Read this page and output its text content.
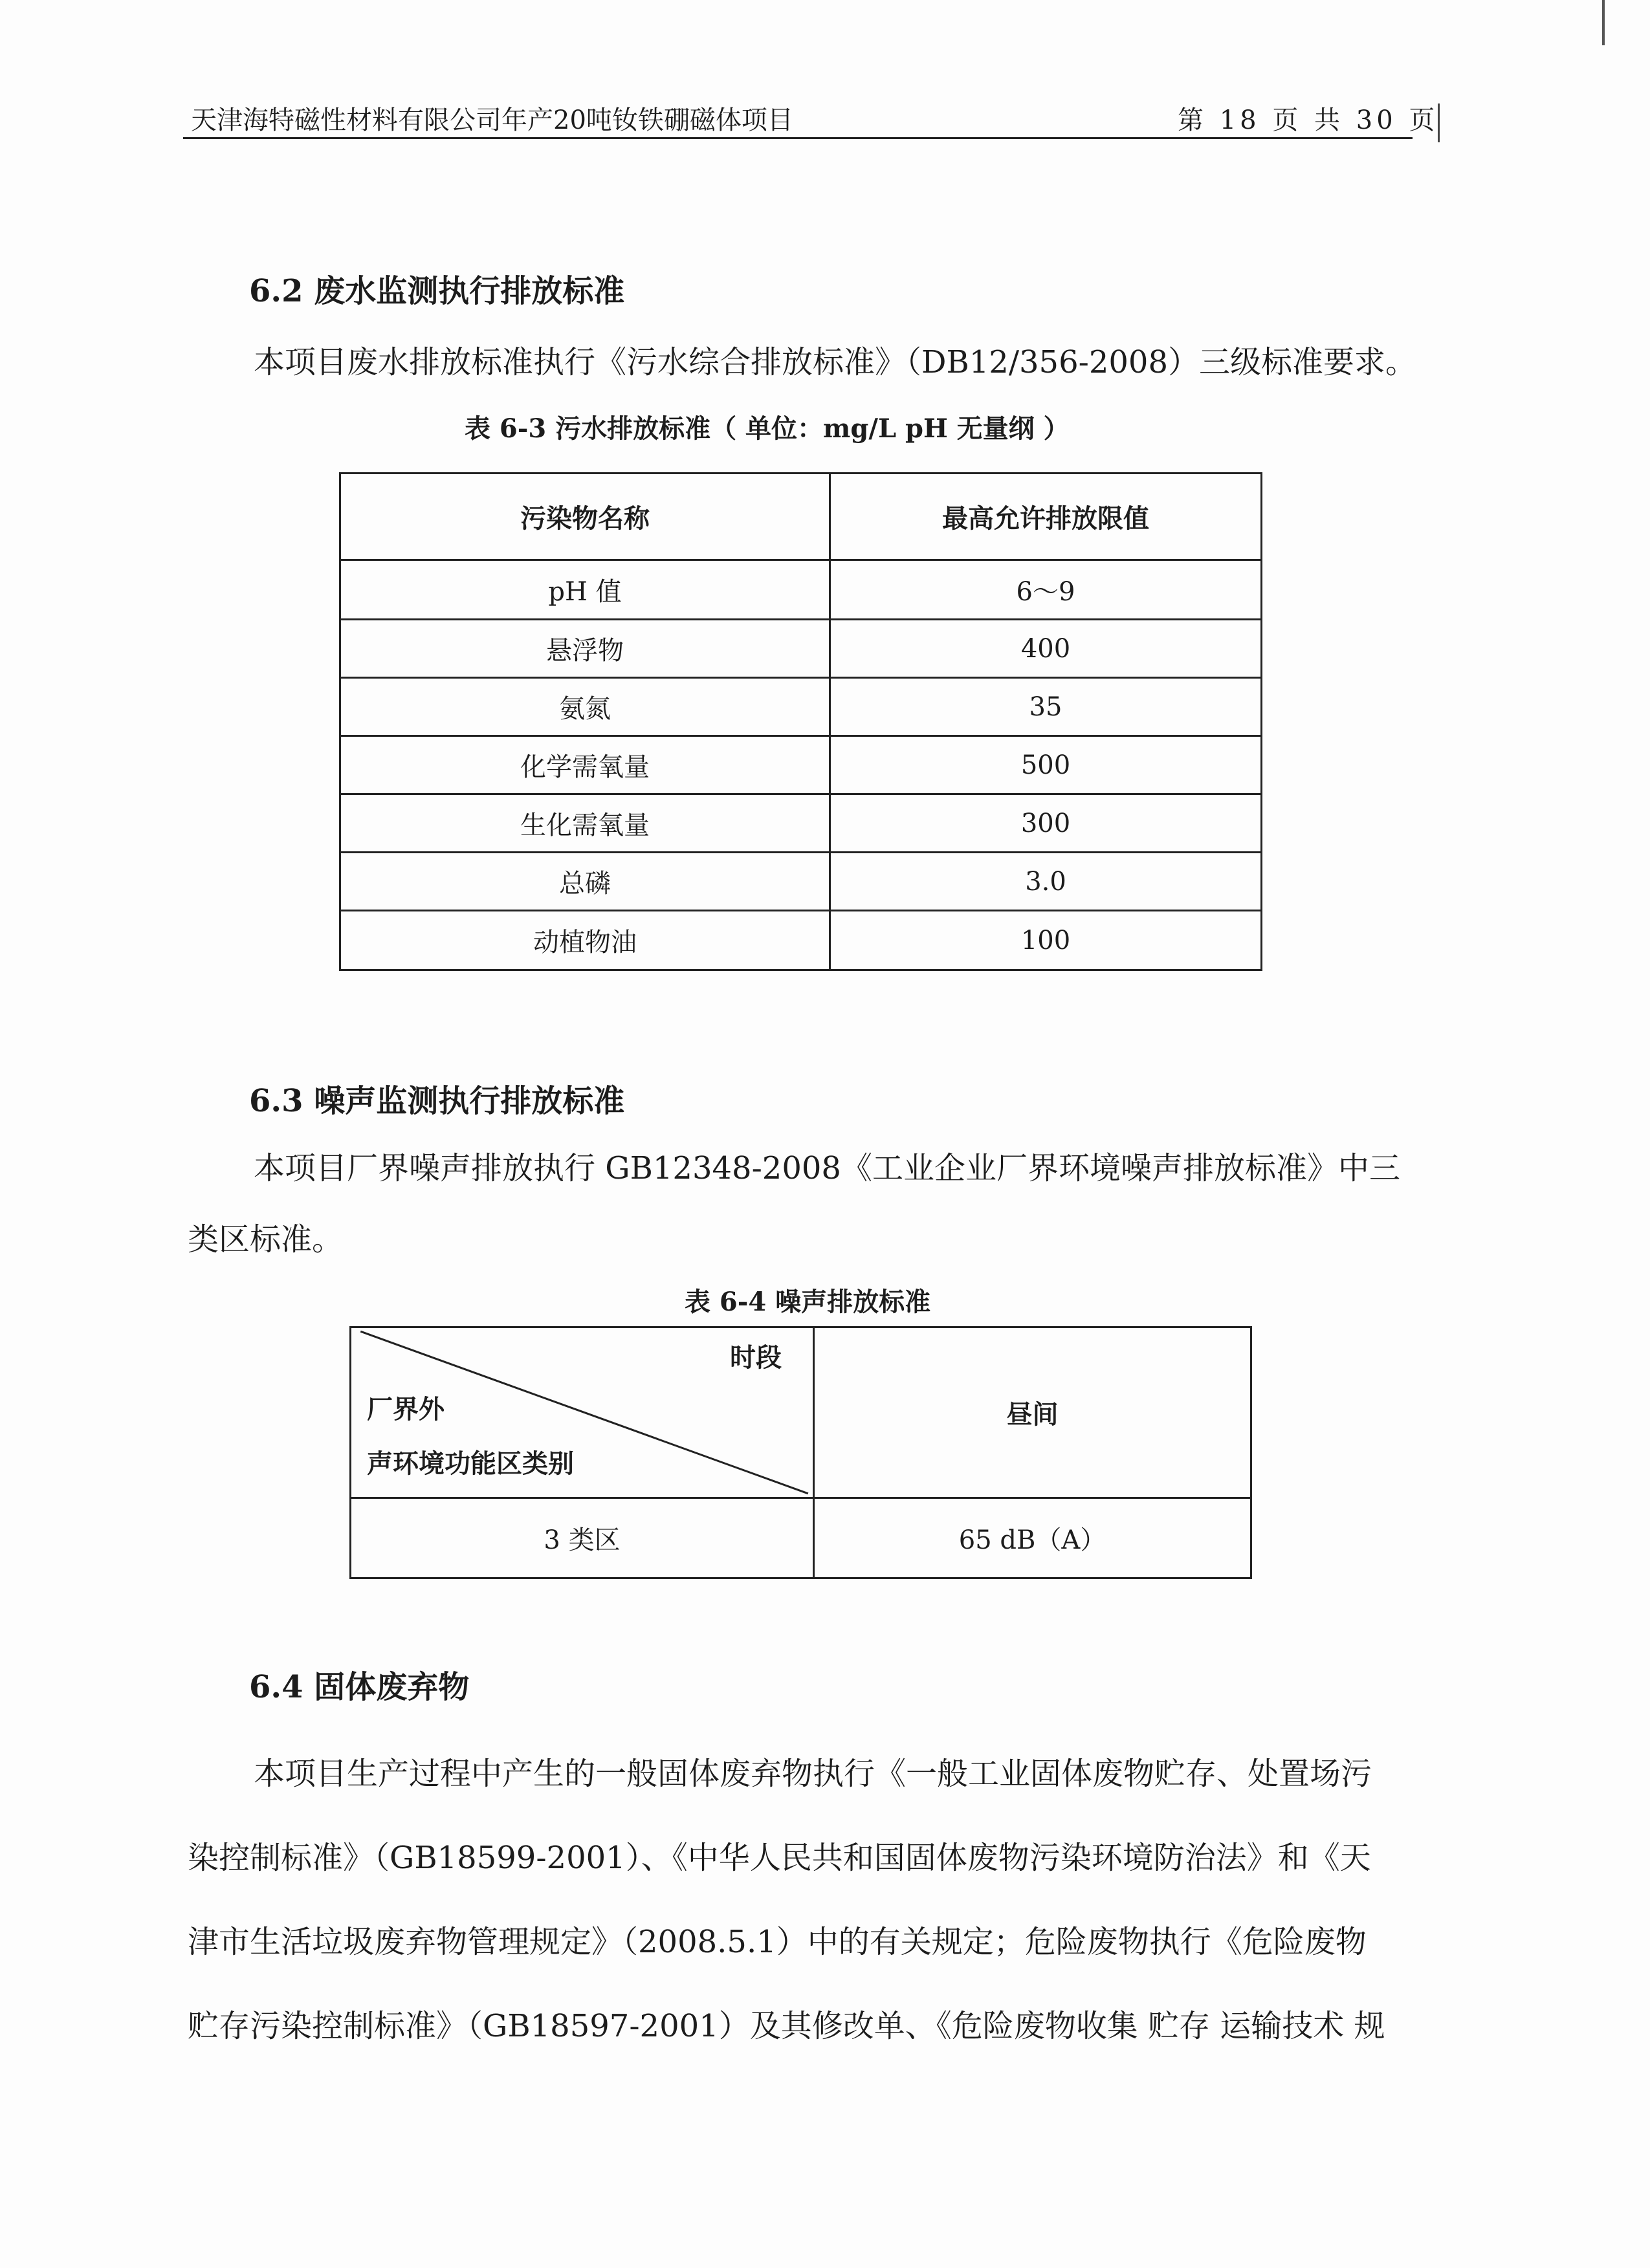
天津海特磁性材料有限公司年产20吨钕铁硼磁体项目	第 18 页 共 30 页
6.2 废水监测执行排放标准
本项目废水排放标准执行《污水综合排放标准》（DB12/356-2008）三级标准要求。
表 6-3 污水排放标准（ 单位：mg/L pH 无量纲 ）
污染物名称	最高允许排放限值
pH 值	6～9
悬浮物	400
氨氮	35
化学需氧量	500
生化需氧量	300
总磷	3.0
动植物油	100
6.3 噪声监测执行排放标准
本项目厂界噪声排放执行 GB12348-2008《工业企业厂界环境噪声排放标准》中三
类区标准。
表 6-4 噪声排放标准
时段
厂界外
声环境功能区类别	昼间
3 类区	65 dB（A）
6.4 固体废弃物
本项目生产过程中产生的一般固体废弃物执行《一般工业固体废物贮存、处置场污
染控制标准》（GB18599-2001）、《中华人民共和国固体废物污染环境防治法》和《天
津市生活垃圾废弃物管理规定》（2008.5.1）中的有关规定；危险废物执行《危险废物
贮存污染控制标准》（GB18597-2001）及其修改单、《危险废物收集 贮存 运输技术 规
